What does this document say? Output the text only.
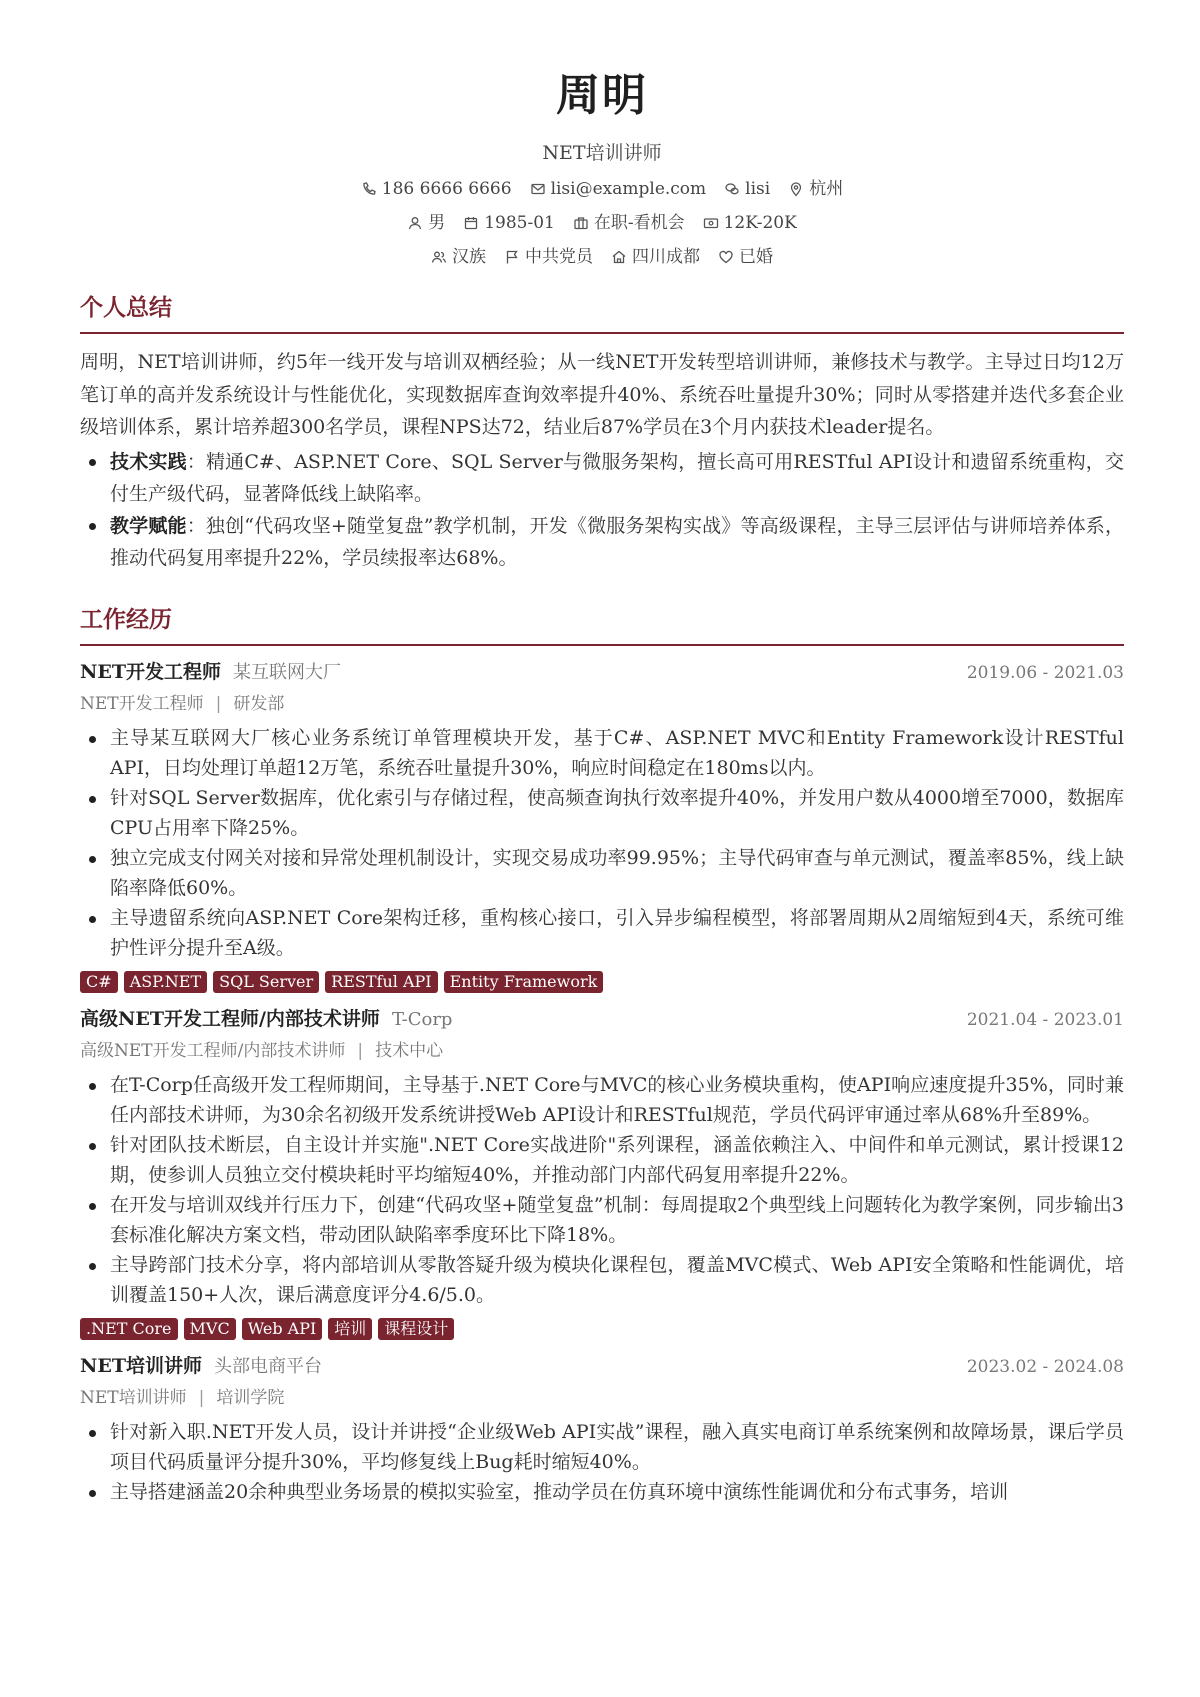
周明
NET培训讲师
186 6666 6666 lisi@example.com lisi 杭州
男 1985-01 在职-看机会 12K-20K
汉族 中共党员 四川成都 已婚
个人总结

周明，NET培训讲师，约5年一线开发与培训双栖经验；从一线NET开发转型培训讲师，兼修技术与教学。主导过日均12万笔订单的高并发系统设计与性能优化，实现数据库查询效率提升40%、系统吞吐量提升30%；同时从零搭建并迭代多套企业级培训体系，累计培养超300名学员，课程NPS达72，结业后87%学员在3个月内获技术leader提名。

技术实践：精通C#、ASP.NET Core、SQL Server与微服务架构，擅长高可用RESTful API设计和遗留系统重构，交付生产级代码，显著降低线上缺陷率。
教学赋能：独创“代码攻坚+随堂复盘”教学机制，开发《微服务架构实战》等高级课程，主导三层评估与讲师培养体系，推动代码复用率提升22%，学员续报率达68%。
工作经历
NET开发工程师 某互联网大厂	2019.06 - 2021.03
NET开发工程师 | 研发部
主导某互联网大厂核心业务系统订单管理模块开发，基于C#、ASP.NET MVC和Entity Framework设计RESTful API，日均处理订单超12万笔，系统吞吐量提升30%，响应时间稳定在180ms以内。
针对SQL Server数据库，优化索引与存储过程，使高频查询执行效率提升40%，并发用户数从4000增至7000，数据库CPU占用率下降25%。
独立完成支付网关对接和异常处理机制设计，实现交易成功率99.95%；主导代码审查与单元测试，覆盖率85%，线上缺陷率降低60%。
主导遗留系统向ASP.NET Core架构迁移，重构核心接口，引入异步编程模型，将部署周期从2周缩短到4天，系统可维护性评分提升至A级。
C#	ASP.NET	SQL Server	RESTful API	Entity Framework
高级NET开发工程师/内部技术讲师 T-Corp	2021.04 - 2023.01
高级NET开发工程师/内部技术讲师 | 技术中心
在T-Corp任高级开发工程师期间，主导基于.NET Core与MVC的核心业务模块重构，使API响应速度提升35%，同时兼任内部技术讲师，为30余名初级开发系统讲授Web API设计和RESTful规范，学员代码评审通过率从68%升至89%。
针对团队技术断层，自主设计并实施".NET Core实战进阶"系列课程，涵盖依赖注入、中间件和单元测试，累计授课12期，使参训人员独立交付模块耗时平均缩短40%，并推动部门内部代码复用率提升22%。
在开发与培训双线并行压力下，创建“代码攻坚+随堂复盘”机制：每周提取2个典型线上问题转化为教学案例，同步输出3套标准化解决方案文档，带动团队缺陷率季度环比下降18%。
主导跨部门技术分享，将内部培训从零散答疑升级为模块化课程包，覆盖MVC模式、Web API安全策略和性能调优，培训覆盖150+人次，课后满意度评分4.6/5.0。
.NET Core	MVC	Web API	培训	课程设计
NET培训讲师 头部电商平台	2023.02 - 2024.08
NET培训讲师 | 培训学院
针对新入职.NET开发人员，设计并讲授“企业级Web API实战”课程，融入真实电商订单系统案例和故障场景，课后学员项目代码质量评分提升30%，平均修复线上Bug耗时缩短40%。
主导搭建涵盖20余种典型业务场景的模拟实验室，推动学员在仿真环境中演练性能调优和分布式事务，培训
